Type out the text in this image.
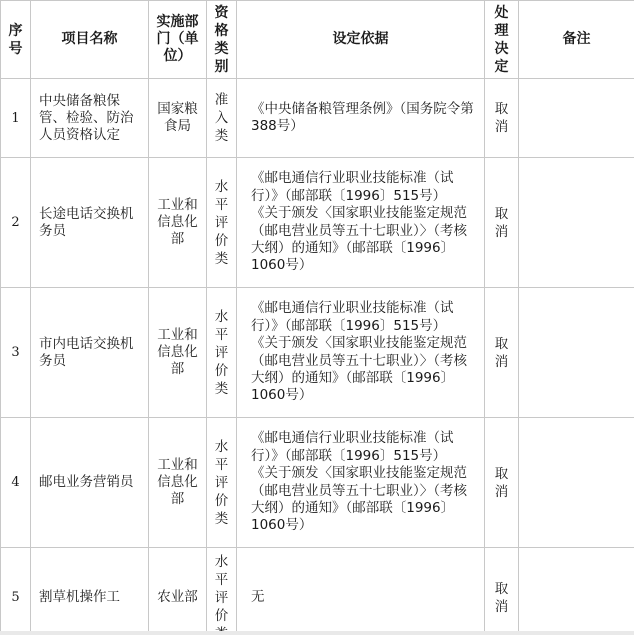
序号	项目名称	实施部门（单位）	资格类别	设定依据	处理决定	备注
1	中央储备粮保管、检验、防治人员资格认定	国家粮食局	准入类	《中央储备粮管理条例》（国务院令第388号）	取消	
2	长途电话交换机务员	工业和信息化部	水平评价类	《邮电通信行业职业技能标准（试行）》（邮部联〔1996〕515号）
《关于颁发〈国家职业技能鉴定规范（邮电营业员等五十七职业）〉（考核大纲）的通知》（邮部联〔1996〕1060号）	取消	
3	市内电话交换机务员	工业和信息化部	水平评价类	《邮电通信行业职业技能标准（试行）》（邮部联〔1996〕515号）
《关于颁发〈国家职业技能鉴定规范（邮电营业员等五十七职业）〉（考核大纲）的通知》（邮部联〔1996〕1060号）	取消	
4	邮电业务营销员	工业和信息化部	水平评价类	《邮电通信行业职业技能标准（试行）》（邮部联〔1996〕515号）
《关于颁发〈国家职业技能鉴定规范（邮电营业员等五十七职业）〉（考核大纲）的通知》（邮部联〔1996〕1060号）	取消	
5	割草机操作工	农业部	水平评价	无	取消	
